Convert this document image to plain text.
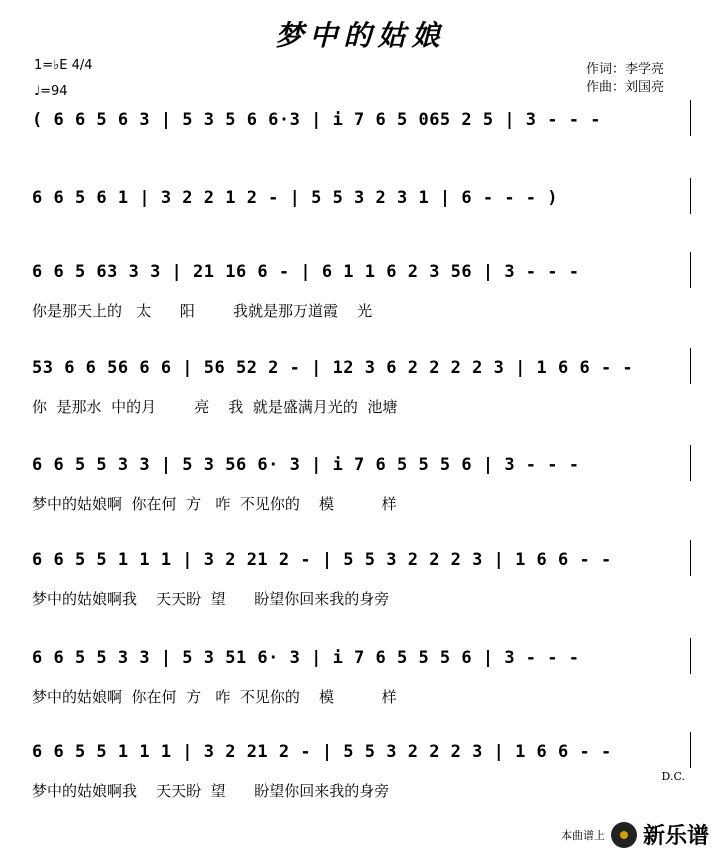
梦中的姑娘
1=♭E 4/4
♩=94
作词：李学亮
作曲：刘国亮
( 6 6 5 6 3 | 5 3 5 6 6·3 | i 7 6 5 065 2 5 | 3 - - -
6 6 5 6 1 | 3 2 2 1 2 - | 5 5 3 2 3 1 | 6 - - - )
6 6 5 63 3 3 | 21 16 6 - | 6 1 1 6 2 3 56 | 3 - - -
你是那天上的   太      阳        我就是那万道霞    光
53 6 6 56 6 6 | 56 52 2 - | 12 3 6 2 2 2 2 3 | 1 6 6 - -
你  是那水  中的月        亮    我  就是盛满月光的  池塘
6 6 5 5 3 3 | 5 3 56 6· 3 | i 7 6 5 5 5 6 | 3 - - -
梦中的姑娘啊  你在何  方   咋  不见你的    模          样
6 6 5 5 1 1 1 | 3 2 21 2 - | 5 5 3 2 2 2 3 | 1 6 6 - -
梦中的姑娘啊我    天天盼  望      盼望你回来我的身旁
6 6 5 5 3 3 | 5 3 51 6· 3 | i 7 6 5 5 5 6 | 3 - - -
梦中的姑娘啊  你在何  方   咋  不见你的    模          样
6 6 5 5 1 1 1 | 3 2 21 2 - | 5 5 3 2 2 2 3 | 1 6 6 - -
梦中的姑娘啊我    天天盼  望      盼望你回来我的身旁
D.C.
本曲谱上 新乐谱
